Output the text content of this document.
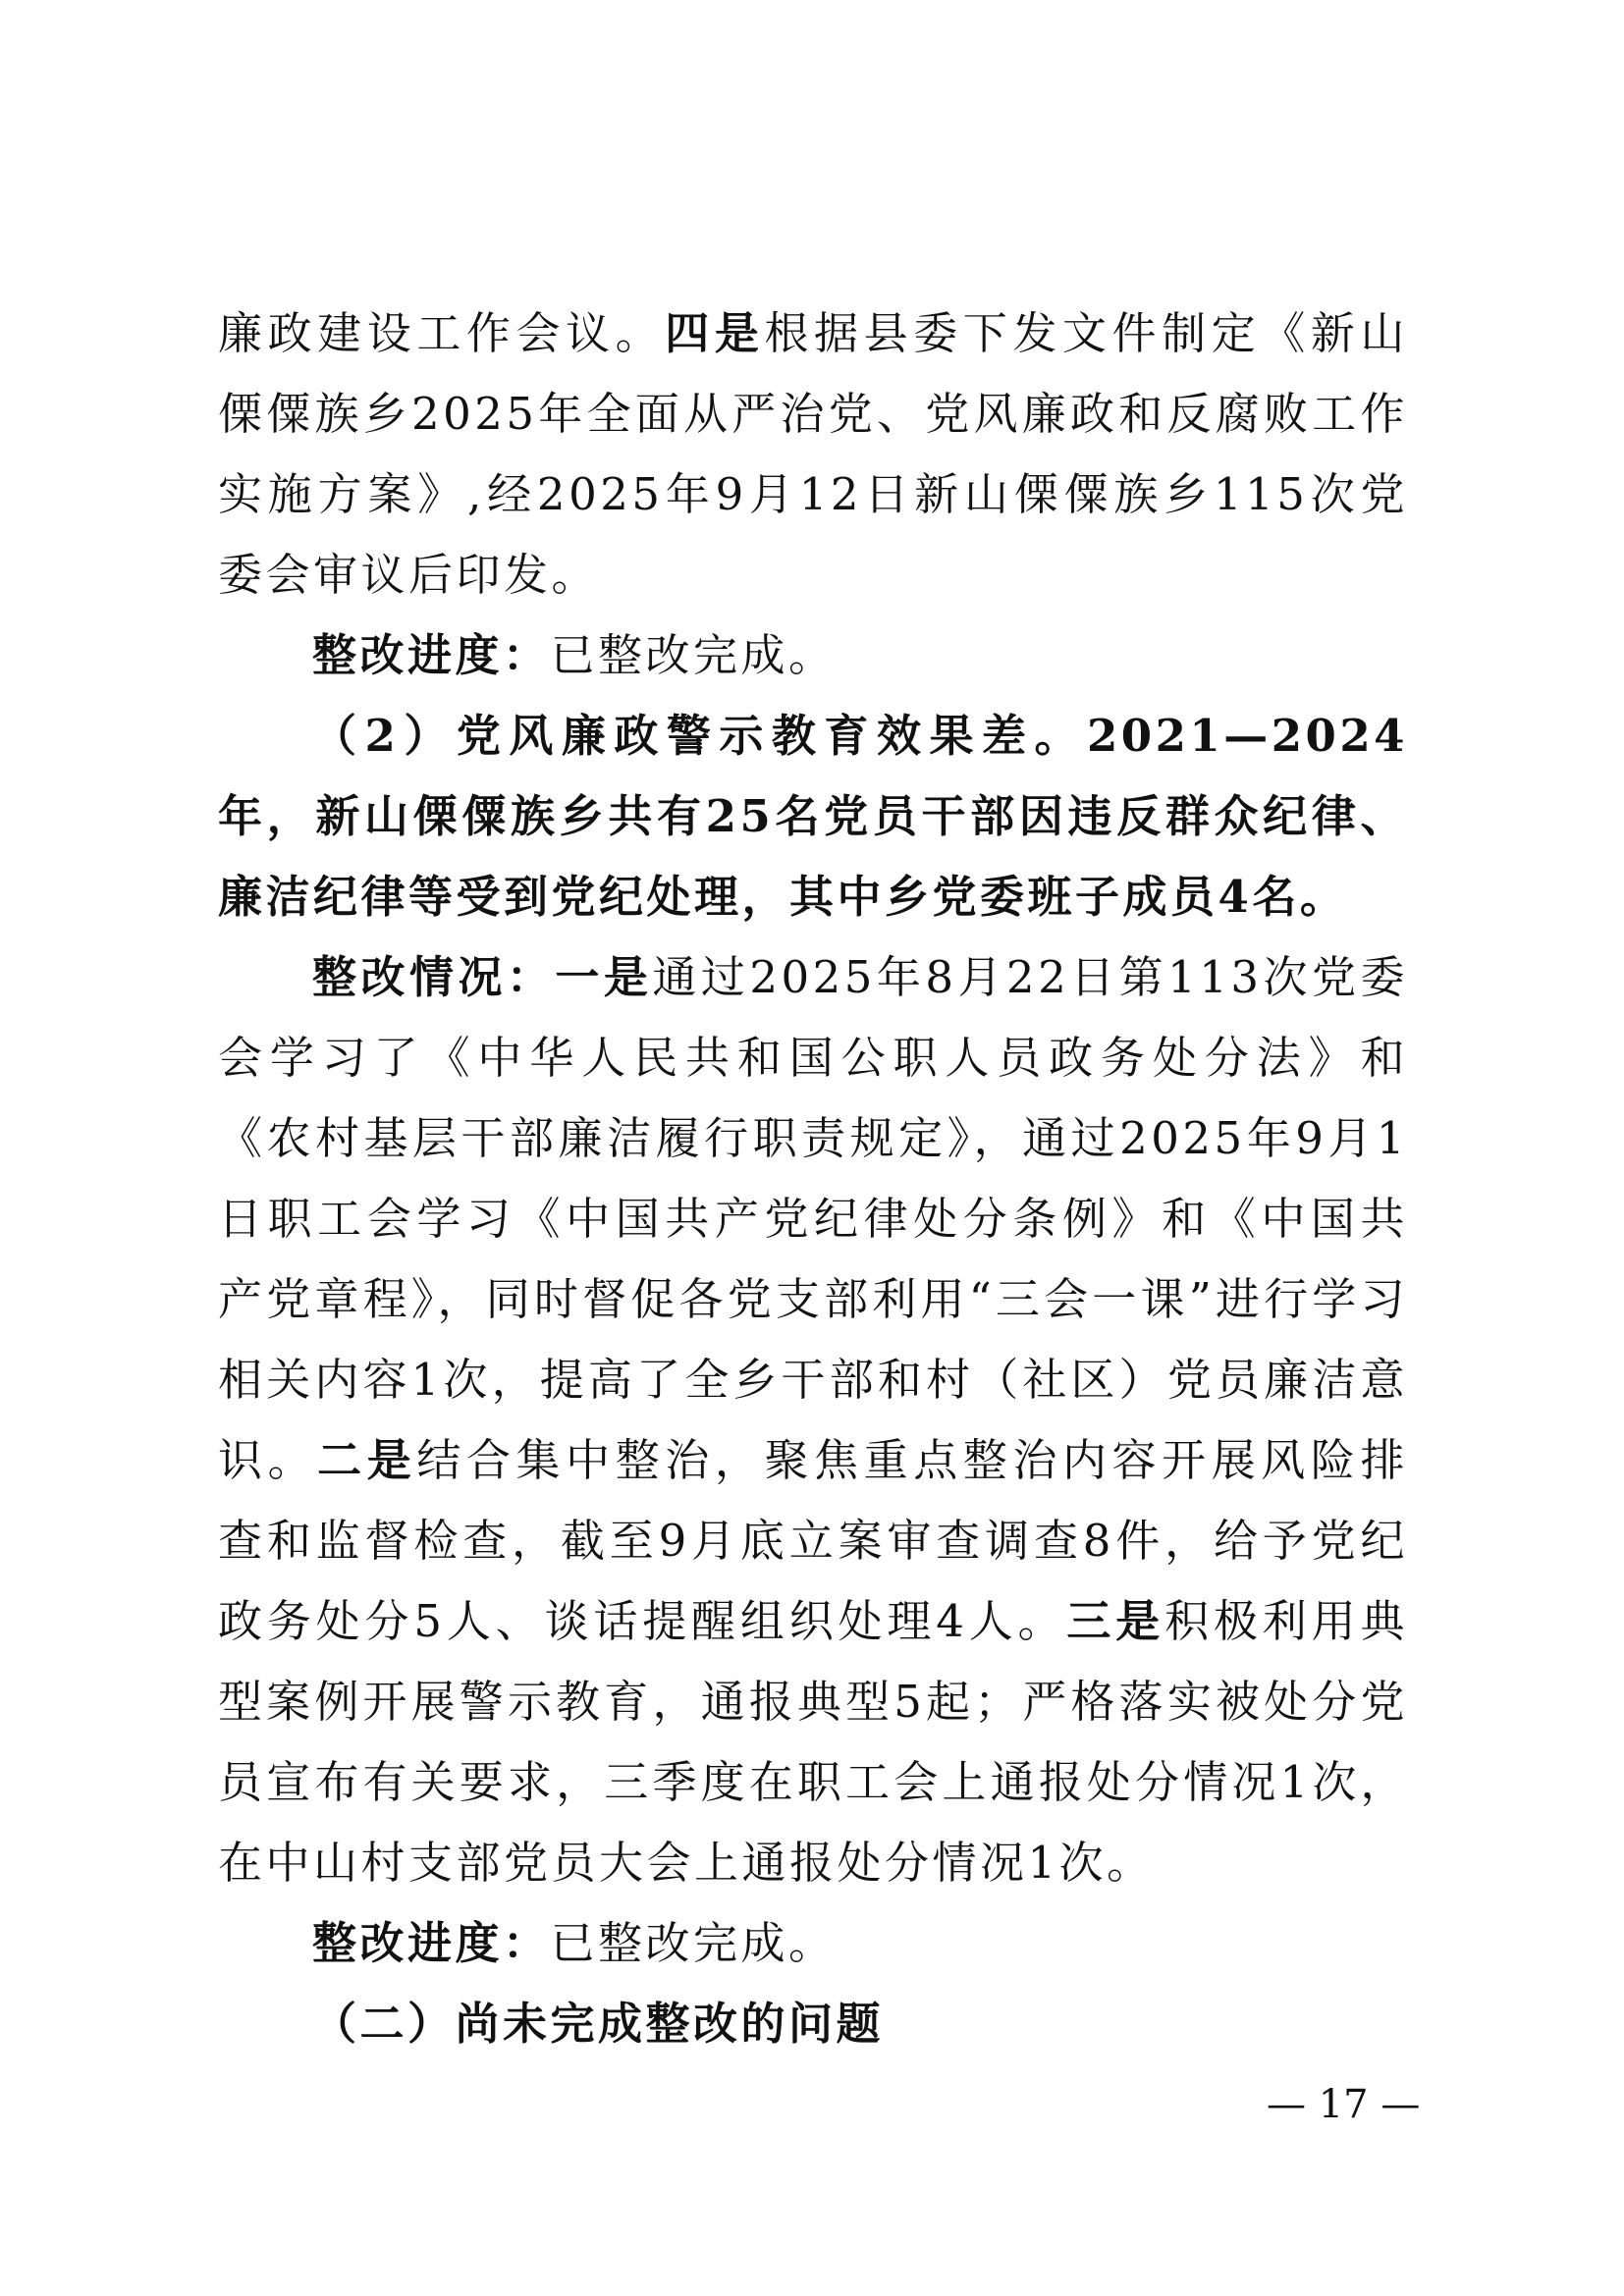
廉政建设工作会议。四是根据县委下发文件制定《新山傈僳族乡2025年全面从严治党、党风廉政和反腐败工作实施方案》,经2025年9月12日新山傈僳族乡115次党委会审议后印发。

整改进度：已整改完成。

（2）党风廉政警示教育效果差。2021—2024年，新山傈僳族乡共有25名党员干部因违反群众纪律、廉洁纪律等受到党纪处理，其中乡党委班子成员4名。

整改情况：一是通过2025年8月22日第113次党委会学习了《中华人民共和国公职人员政务处分法》和《农村基层干部廉洁履行职责规定》，通过2025年9月1日职工会学习《中国共产党纪律处分条例》和《中国共产党章程》，同时督促各党支部利用“三会一课”进行学习相关内容1次，提高了全乡干部和村（社区）党员廉洁意识。二是结合集中整治，聚焦重点整治内容开展风险排查和监督检查，截至9月底立案审查调查8件，给予党纪政务处分5人、谈话提醒组织处理4人。三是积极利用典型案例开展警示教育，通报典型5起；严格落实被处分党员宣布有关要求，三季度在职工会上通报处分情况1次，在中山村支部党员大会上通报处分情况1次。

整改进度：已整改完成。

（二）尚未完成整改的问题

— 17 —
